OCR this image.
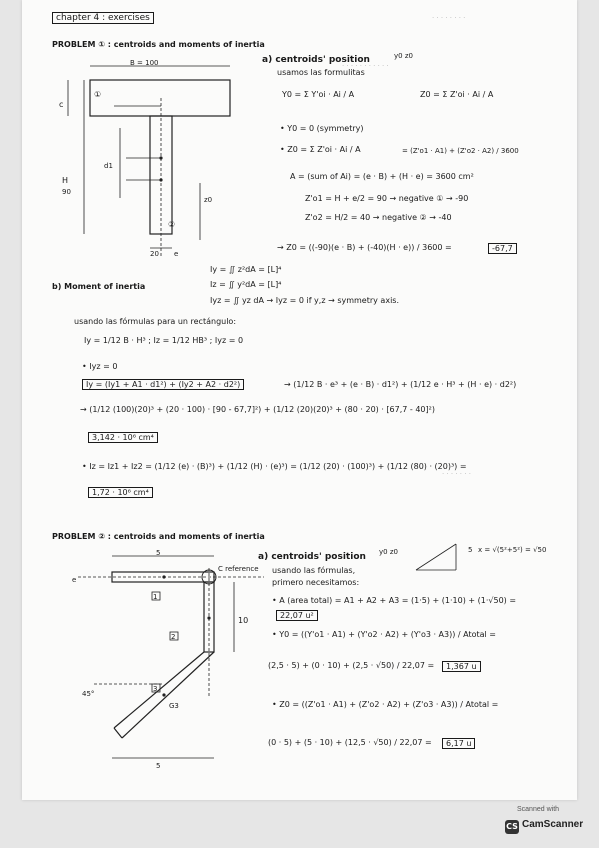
chapter 4 : exercises	· · · · · · · ·
· · · · · · · · · · ·
· · · · · · ·
PROBLEM ① : centroids and moments of inertia
B = 100
c
H
90
d1
①
②
z0
20 e
a) centroids' position	y0 z0
usamos las formulitas
Y0 = Σ Y'oi · Ai / A	Z0 = Σ Z'oi · Ai / A
• Y0 = 0 (symmetry)
• Z0 = Σ Z'oi · Ai / A	= (Z'o1 · A1) + (Z'o2 · A2) / 3600
A = (sum of Ai) = (e · B) + (H · e) = 3600 cm²
Z'o1 = H + e/2 = 90 → negative ① → -90
Z'o2 = H/2 = 40 → negative ② → -40
→ Z0 = ((-90)(e · B) + (-40)(H · e)) / 3600 =	-67,7
b) Moment of inertia
Iy = ∬ z²dA = [L]⁴
Iz = ∬ y²dA = [L]⁴
Iyz = ∬ yz dA → Iyz = 0 if y,z → symmetry axis.
usando las fórmulas para un rectángulo:
Iy = 1/12 B · H³ ; Iz = 1/12 HB³ ; Iyz = 0
• Iyz = 0
Iy = (Iy1 + A1 · d1²) + (Iy2 + A2 · d2²)	→ (1/12 B · e³ + (e · B) · d1²) + (1/12 e · H³ + (H · e) · d2²)
→ (1/12 (100)(20)³ + (20 · 100) · [90 - 67,7]²) + (1/12 (20)(20)³ + (80 · 20) · [67,7 - 40]²)
3,142 · 10⁶ cm⁴
• Iz = Iz1 + Iz2 = (1/12 (e) · (B)³) + (1/12 (H) · (e)³) = (1/12 (20) · (100)³) + (1/12 (80) · (20)³) =
1,72 · 10⁶ cm⁴
PROBLEM ② : centroids and moments of inertia
5
10
45°
e
C reference
1
2
3
G3
5
a) centroids' position y0 z0
usando las fórmulas,
primero necesitamos:
5 x = √(5²+5²) = √50
• A (area total) = A1 + A2 + A3 = (1·5) + (1·10) + (1·√50) =
22,07 u²
• Y0 = ((Y'o1 · A1) + (Y'o2 · A2) + (Y'o3 · A3)) / Atotal =
(2,5 · 5) + (0 · 10) + (2,5 · √50) / 22,07 =	1,367 u
• Z0 = ((Z'o1 · A1) + (Z'o2 · A2) + (Z'o3 · A3)) / Atotal =
(0 · 5) + (5 · 10) + (12,5 · √50) / 22,07 =	6,17 u
Scanned with
CS CamScanner
